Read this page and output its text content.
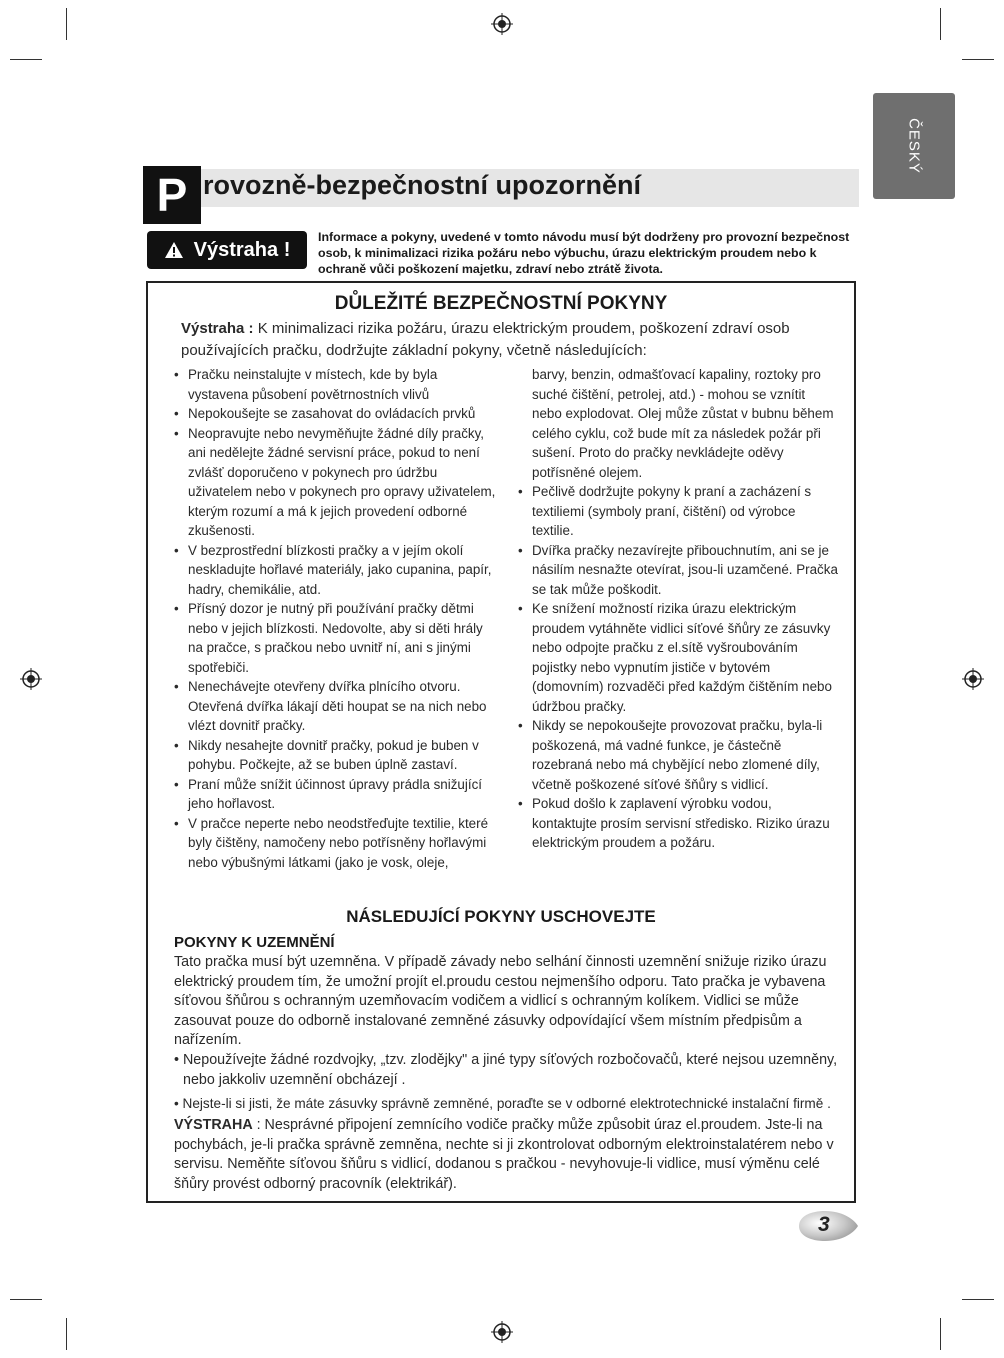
ČESKÝ
P rovozně-bezpečnostní upozornění
Výstraha !

Informace a pokyny, uvedené v tomto návodu musí být dodrženy pro provozní bezpečnost osob, k minimalizaci rizika požáru nebo výbuchu, úrazu elektrickým proudem nebo k ochraně vůči poškození majetku, zdraví nebo ztrátě života.

DŮLEŽITÉ BEZPEČNOSTNÍ POKYNY

Výstraha : K minimalizaci rizika požáru, úrazu elektrickým proudem, poškození zdraví osob používajících pračku, dodržujte základní pokyny, včetně následujících:

• Pračku neinstalujte v místech, kde by byla vystavena působení povětrnostních vlivů
• Nepokoušejte se zasahovat do ovládacích prvků
• Neopravujte nebo nevyměňujte žádné díly pračky, ani nedělejte žádné servisní práce, pokud to není zvlášť doporučeno v pokynech pro údržbu uživatelem nebo v pokynech pro opravy uživatelem, kterým rozumí a má k jejich provedení odborné zkušenosti.
• V bezprostřední blízkosti pračky a v jejím okolí neskladujte hořlavé materiály, jako cupanina, papír, hadry, chemikálie, atd.
• Přísný dozor je nutný při používání pračky dětmi nebo v jejich blízkosti. Nedovolte, aby si děti hrály na pračce, s pračkou nebo uvnitř ní, ani s jinými spotřebiči.
• Nenechávejte otevřeny dvířka plnícího otvoru. Otevřená dvířka lákají děti houpat se na nich nebo vlézt dovnitř pračky.
• Nikdy nesahejte dovnitř pračky, pokud je buben v pohybu. Počkejte, až se buben úplně zastaví.
• Praní může snížit účinnost úpravy prádla snižující jeho hořlavost.
• V pračce neperte nebo neodstřeďujte textilie, které byly čištěny, namočeny nebo potřísněny hořlavými nebo výbušnými látkami (jako je vosk, oleje,
barvy, benzin, odmašťovací kapaliny, roztoky pro suché čištění, petrolej, atd.) - mohou se vznítit nebo explodovat. Olej může zůstat v bubnu během celého cyklu, což bude mít za následek požár při sušení. Proto do pračky nevkládejte oděvy potřísněné olejem.
• Pečlivě dodržujte pokyny k praní a zacházení s textiliemi (symboly praní, čištění) od výrobce textilie.
• Dvířka pračky nezavírejte přibouchnutím, ani se je násilím nesnažte otevírat, jsou-li uzamčené. Pračka se tak může poškodit.
• Ke snížení možností rizika úrazu elektrickým proudem vytáhněte vidlici síťové šňůry ze zásuvky nebo odpojte pračku z el.sítě vyšroubováním pojistky nebo vypnutím jističe v bytovém (domovním) rozvaděči před každým čištěním nebo údržbou pračky.
• Nikdy se nepokoušejte provozovat pračku, byla-li poškozená, má vadné funkce, je částečně rozebraná nebo má chybějící nebo zlomené díly, včetně poškozené síťové šňůry s vidlicí.
• Pokud došlo k zaplavení výrobku vodou, kontaktujte prosím servisní středisko. Riziko úrazu elektrickým proudem a požáru.
NÁSLEDUJÍCÍ POKYNY USCHOVEJTE
POKYNY K UZEMNĚNÍ

Tato pračka musí být uzemněna. V případě závady nebo selhání činnosti uzemnění snižuje riziko úrazu elektrický proudem tím, že umožní projít el.proudu cestou nejmenšího odporu. Tato pračka je vybavena síťovou šňůrou s ochranným uzemňovacím vodičem a vidlicí s ochranným kolíkem. Vidlici se může zasouvat pouze do odborně instalované zemněné zásuvky odpovídající všem místním předpisům a nařízením.

• Nepoužívejte žádné rozdvojky, „tzv. zlodějky" a jiné typy síťových rozbočovačů, které nejsou uzemněny, nebo jakkoliv uzemnění obcházejí .
• Nejste-li si jisti, že máte zásuvky správně zemněné, poraďte se v odborné elektrotechnické instalační firmě .

VÝSTRAHA : Nesprávné připojení zemnícího vodiče pračky může způsobit úraz el.proudem. Jste-li na pochybách, je-li pračka správně zemněna, nechte si ji zkontrolovat odborným elektroinstalatérem nebo v servisu. Neměňte síťovou šňůru s vidlicí, dodanou s pračkou - nevyhovuje-li vidlice, musí výměnu celé šňůry provést odborný pracovník (elektrikář).

3
